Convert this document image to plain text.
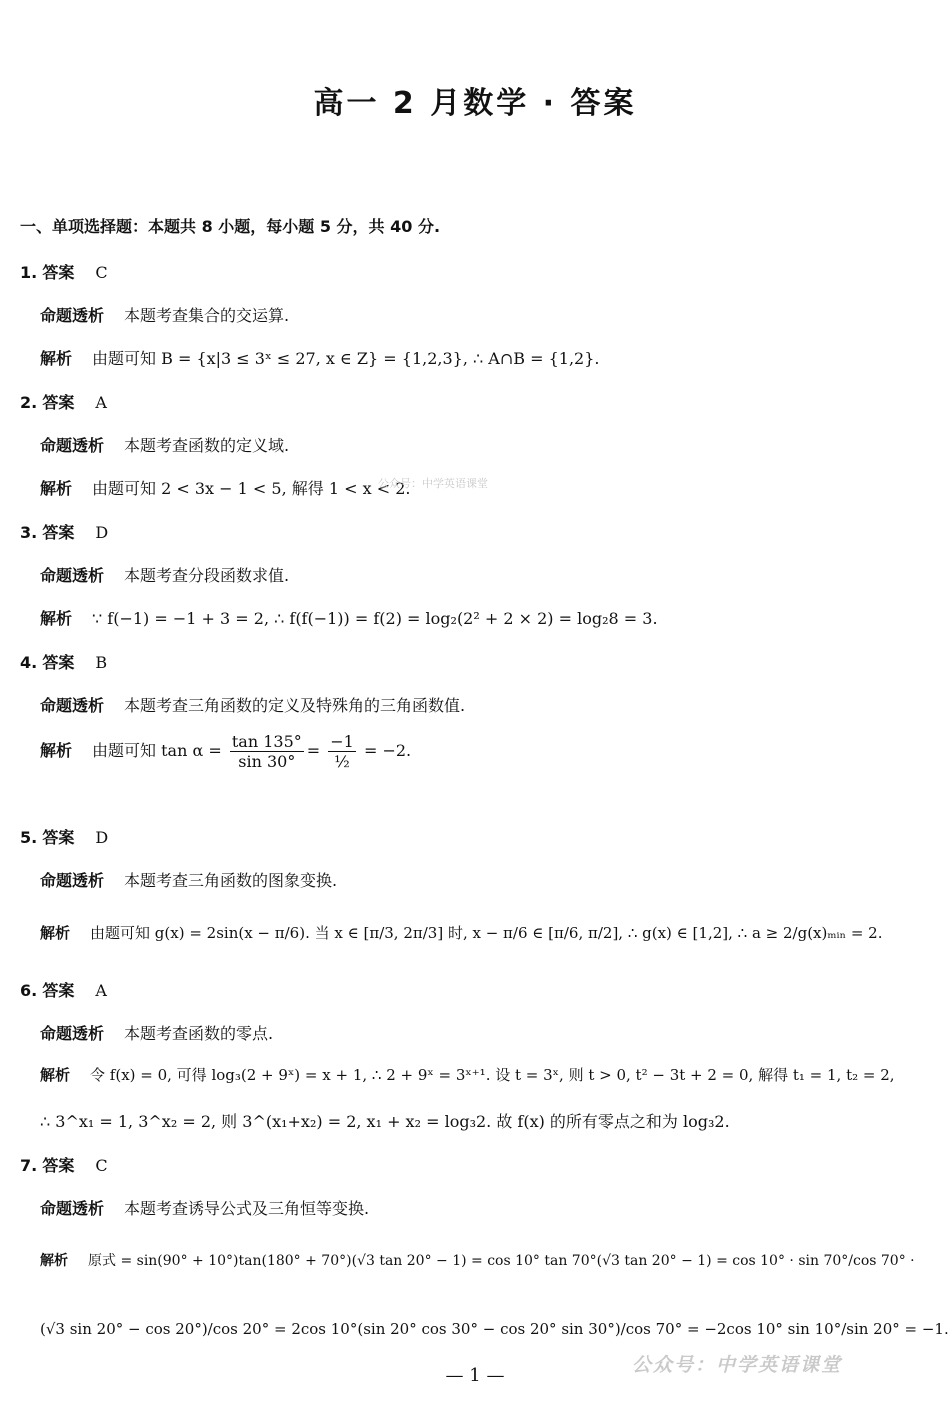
高一 2 月数学 · 答案
一、单项选择题：本题共 8 小题，每小题 5 分，共 40 分.
1. 答案 C
命题透析 本题考查集合的交运算.
解析 由题可知 B = {x|3 ≤ 3ˣ ≤ 27, x ∈ Z} = {1,2,3}, ∴ A∩B = {1,2}.
2. 答案 A
命题透析 本题考查函数的定义域.
解析 由题可知 2 < 3x − 1 < 5, 解得 1 < x < 2.
公众号：中学英语课堂
3. 答案 D
命题透析 本题考查分段函数求值.
解析 ∵ f(−1) = −1 + 3 = 2, ∴ f(f(−1)) = f(2) = log₂(2² + 2 × 2) = log₂8 = 3.
4. 答案 B
命题透析 本题考查三角函数的定义及特殊角的三角函数值.
解析 由题可知 $\tan \alpha = \frac{\tan 135^\circ}{\sin 30^\circ} = \frac{-1}{\text{½}} = -2$.
5. 答案 D
命题透析 本题考查三角函数的图象变换.
解析 由题可知 g(x) = 2sin(x − π/6). 当 x ∈ [π/3, 2π/3] 时, x − π/6 ∈ [π/6, π/2], ∴ g(x) ∈ [1,2], ∴ a ≥ 2/g(x)ₘᵢₙ = 2.
6. 答案 A
命题透析 本题考查函数的零点.
解析 令 f(x) = 0, 可得 log₃(2 + 9ˣ) = x + 1, ∴ 2 + 9ˣ = 3ˣ⁺¹. 设 t = 3ˣ, 则 t > 0, t² − 3t + 2 = 0, 解得 t₁ = 1, t₂ = 2,
∴ 3^x₁ = 1, 3^x₂ = 2, 则 3^(x₁+x₂) = 2, x₁ + x₂ = log₃2. 故 f(x) 的所有零点之和为 log₃2.
7. 答案 C
命题透析 本题考查诱导公式及三角恒等变换.
解析 原式 = sin(90° + 10°)tan(180° + 70°)(√3 tan 20° − 1) = cos 10° tan 70°(√3 tan 20° − 1) = cos 10° · sin 70°/cos 70° ·
(√3 sin 20° − cos 20°)/cos 20° = 2cos 10°(sin 20° cos 30° − cos 20° sin 30°)/cos 70° = −2cos 10° sin 10°/sin 20° = −1.
公众号：中学英语课堂
— 1 —
